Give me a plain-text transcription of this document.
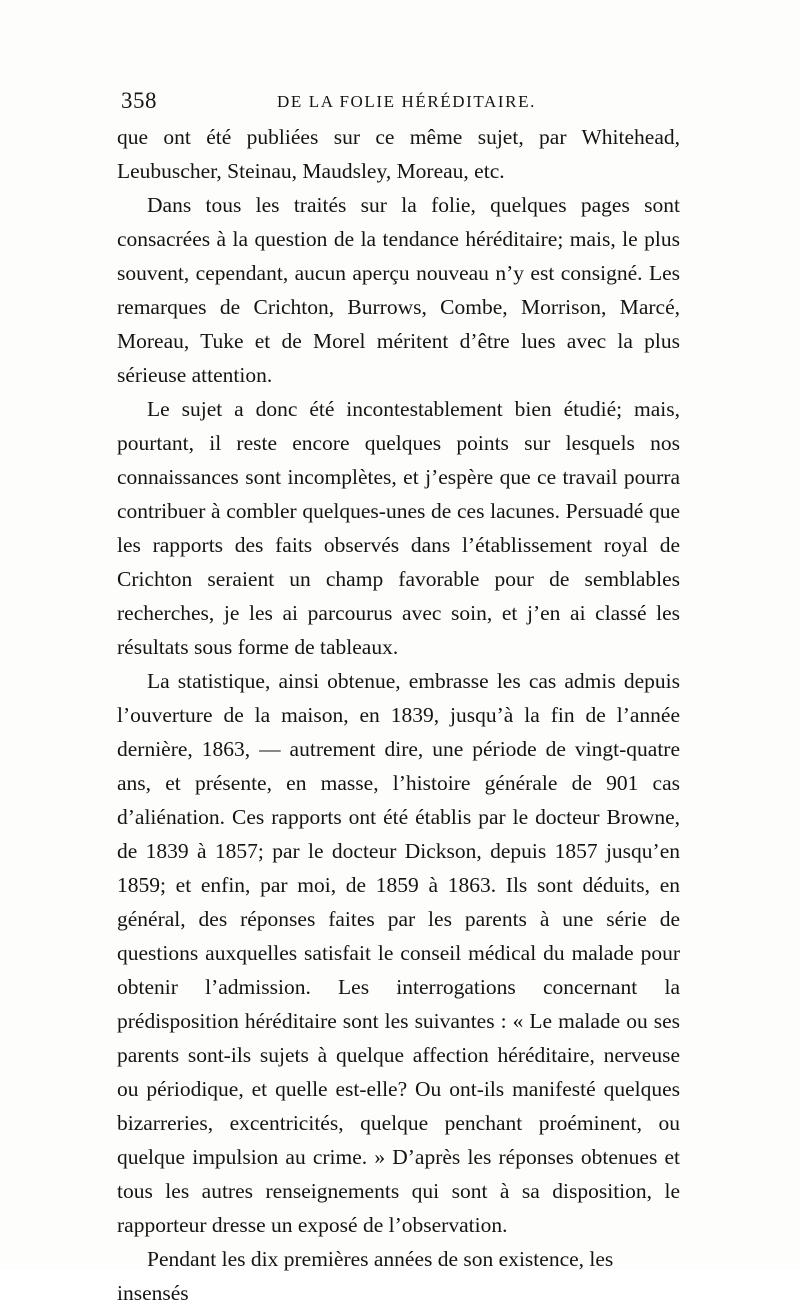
358	DE LA FOLIE HÉRÉDITAIRE.

que ont été publiées sur ce même sujet, par Whitehead, Leubuscher, Steinau, Maudsley, Moreau, etc.

Dans tous les traités sur la folie, quelques pages sont consacrées à la question de la tendance héréditaire; mais, le plus souvent, cependant, aucun aperçu nouveau n’y est consigné. Les remarques de Crichton, Burrows, Combe, Morrison, Marcé, Moreau, Tuke et de Morel méritent d’être lues avec la plus sérieuse attention.

Le sujet a donc été incontestablement bien étudié; mais, pourtant, il reste encore quelques points sur lesquels nos connaissances sont incomplètes, et j’espère que ce travail pourra contribuer à combler quelques-unes de ces lacunes. Persuadé que les rapports des faits observés dans l’établissement royal de Crichton seraient un champ favorable pour de semblables recherches, je les ai parcourus avec soin, et j’en ai classé les résultats sous forme de tableaux.

La statistique, ainsi obtenue, embrasse les cas admis depuis l’ouverture de la maison, en 1839, jusqu’à la fin de l’année dernière, 1863, — autrement dire, une période de vingt-quatre ans, et présente, en masse, l’histoire générale de 901 cas d’aliénation. Ces rapports ont été établis par le docteur Browne, de 1839 à 1857; par le docteur Dickson, depuis 1857 jusqu’en 1859; et enfin, par moi, de 1859 à 1863. Ils sont déduits, en général, des réponses faites par les parents à une série de questions auxquelles satisfait le conseil médical du malade pour obtenir l’admission. Les interrogations concernant la prédisposition héréditaire sont les suivantes : « Le malade ou ses parents sont-ils sujets à quelque affection héréditaire, nerveuse ou périodique, et quelle est-elle? Ou ont-ils manifesté quelques bizarreries, excentricités, quelque penchant proéminent, ou quelque impulsion au crime. » D’après les réponses obtenues et tous les autres renseignements qui sont à sa disposition, le rapporteur dresse un exposé de l’observation.

Pendant les dix premières années de son existence, les insensés
